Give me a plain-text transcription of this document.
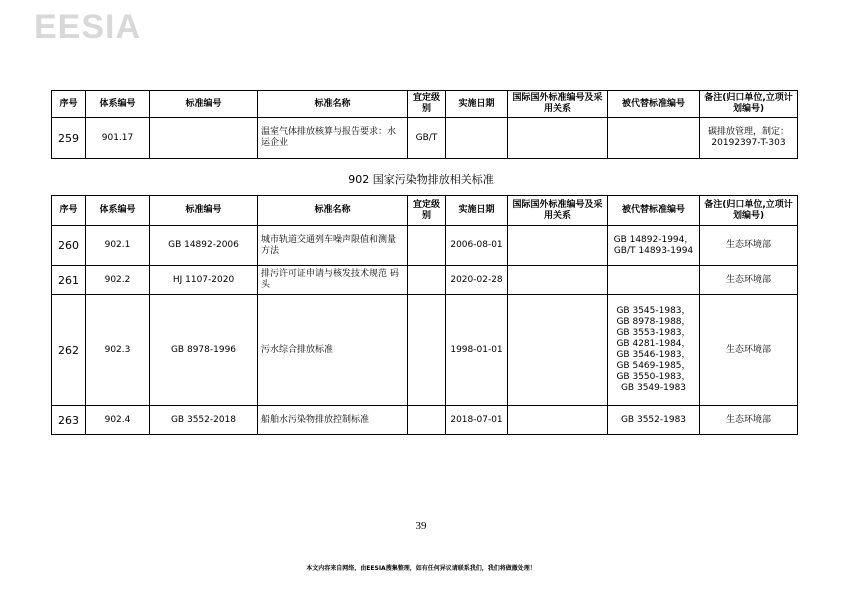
EESIA
序号	体系编号	标准编号	标准名称	宜定级别	实施日期	国际国外标准编号及采用关系	被代替标准编号	备注(归口单位,立项计划编号)
259	901.17		温室气体排放核算与报告要求：水运企业	GB/T				碳排放管理，制定：20192397-T-303
902 国家污染物排放相关标准
序号	体系编号	标准编号	标准名称	宜定级别	实施日期	国际国外标准编号及采用关系	被代替标准编号	备注(归口单位,立项计划编号)
260	902.1	GB 14892-2006	城市轨道交通列车噪声限值和测量方法		2006-08-01		GB 14892-1994，GB/T 14893-1994	生态环境部
261	902.2	HJ 1107-2020	排污许可证申请与核发技术规范 码头		2020-02-28			生态环境部
262	902.3	GB 8978-1996	污水综合排放标准		1998-01-01		GB 3545-1983，GB 8978-1988，GB 3553-1983，GB 4281-1984，GB 3546-1983，GB 5469-1985，GB 3550-1983，GB 3549-1983	生态环境部
263	902.4	GB 3552-2018	船舶水污染物排放控制标准		2018-07-01		GB 3552-1983	生态环境部
39
本文内容来自网络，由EESIA搜集整理，如有任何异议请联系我们，我们将做撤处理！
